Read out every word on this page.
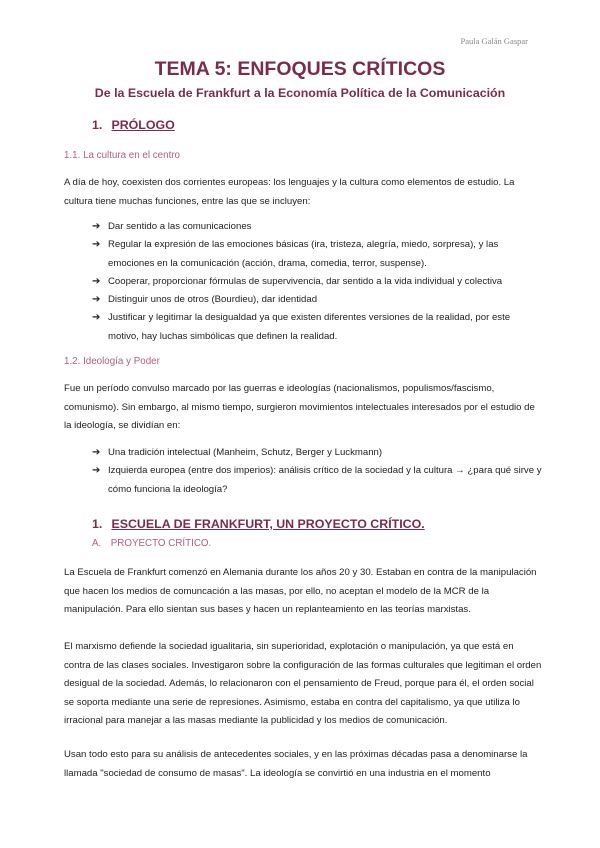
Paula Galán Gaspar
TEMA 5: ENFOQUES CRÍTICOS
De la Escuela de Frankfurt a la Economía Política de la Comunicación
1. PRÓLOGO
1.1. La cultura en el centro

A día de hoy, coexisten dos corrientes europeas: los lenguajes y la cultura como elementos de estudio. La cultura tiene muchas funciones, entre las que se incluyen:

➔ Dar sentido a las comunicaciones
➔ Regular la expresión de las emociones básicas (ira, tristeza, alegría, miedo, sorpresa), y las emociones en la comunicación (acción, drama, comedia, terror, suspense).
➔ Cooperar, proporcionar fórmulas de supervivencia, dar sentido a la vida individual y colectiva
➔ Distinguir unos de otros (Bourdieu), dar identidad
➔ Justificar y legitimar la desigualdad ya que existen diferentes versiones de la realidad, por este motivo, hay luchas simbólicas que definen la realidad.
1.2. Ideología y Poder

Fue un período convulso marcado por las guerras e ideologías (nacionalismos, populismos/fascismo, comunismo). Sin embargo, al mismo tiempo, surgieron movimientos intelectuales interesados por el estudio de la ideología, se dividían en:

➔ Una tradición intelectual (Manheim, Schutz, Berger y Luckmann)
➔ Izquierda europea (entre dos imperios): análisis crítico de la sociedad y la cultura → ¿para qué sirve y cómo funciona la ideología?
1. ESCUELA DE FRANKFURT, UN PROYECTO CRÍTICO.
A. PROYECTO CRÍTICO.

La Escuela de Frankfurt comenzó en Alemania durante los años 20 y 30. Estaban en contra de la manipulación que hacen los medios de comuncación a las masas, por ello, no aceptan el modelo de la MCR de la manipulación. Para ello sientan sus bases y hacen un replanteamiento en las teorías marxistas.

El marxismo defiende la sociedad igualitaria, sin superioridad, explotación o manipulación, ya que está en contra de las clases sociales. Investigaron sobre la configuración de las formas culturales que legitiman el orden desigual de la sociedad. Además, lo relacionaron con el pensamiento de Freud, porque para él, el orden social se soporta mediante una serie de represiones. Asimismo, estaba en contra del capitalismo, ya que utiliza lo irracional para manejar a las masas mediante la publicidad y los medios de comunicación.

Usan todo esto para su análisis de antecedentes sociales, y en las próximas décadas pasa a denominarse la llamada "sociedad de consumo de masas". La ideología se convirtió en una industria en el momento
